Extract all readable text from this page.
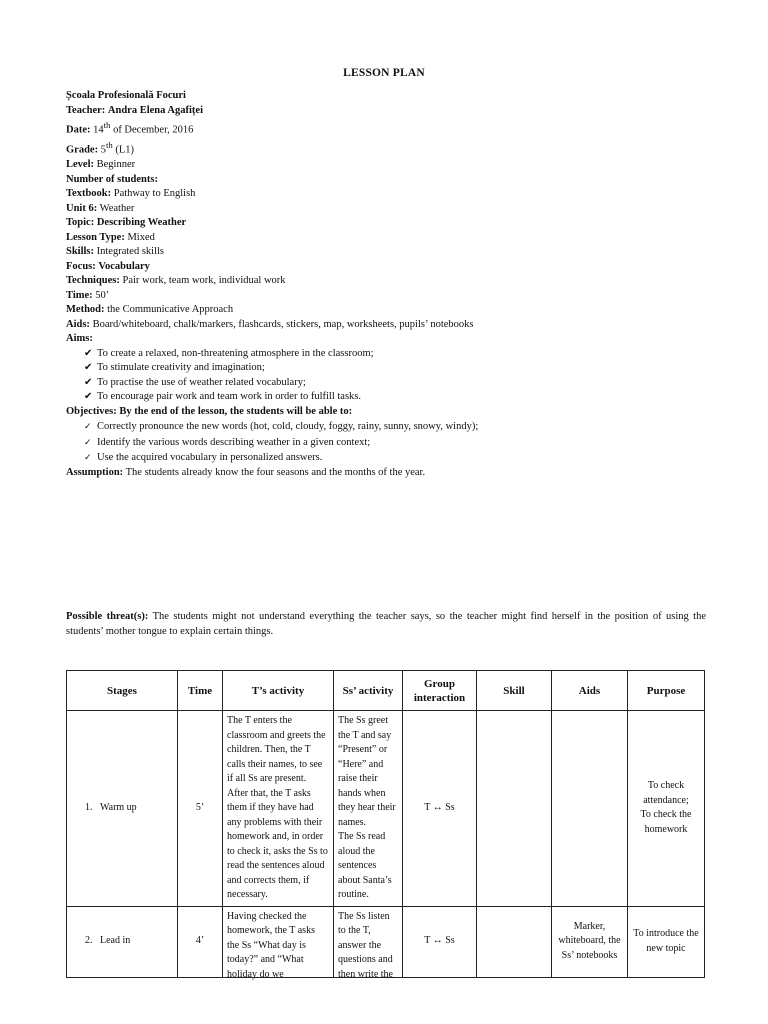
LESSON PLAN
Școala Profesională Focuri
Teacher: Andra Elena Agafiței
Date: 14th of December, 2016
Grade: 5th (L1)
Level: Beginner
Number of students:
Textbook: Pathway to English
Unit 6: Weather
Topic: Describing Weather
Lesson Type: Mixed
Skills: Integrated skills
Focus: Vocabulary
Techniques: Pair work, team work, individual work
Time: 50’
Method: the Communicative Approach
Aids: Board/whiteboard, chalk/markers, flashcards, stickers, map, worksheets, pupils’ notebooks
Aims:
✔ To create a relaxed, non-threatening atmosphere in the classroom;
✔ To stimulate creativity and imagination;
✔ To practise the use of weather related vocabulary;
✔ To encourage pair work and team work in order to fulfill tasks.
Objectives: By the end of the lesson, the students will be able to:
✓ Correctly pronounce the new words (hot, cold, cloudy, foggy, rainy, sunny, snowy, windy);
✓ Identify the various words describing weather in a given context;
✓ Use the acquired vocabulary in personalized answers.
Assumption: The students already know the four seasons and the months of the year.
Possible threat(s): The students might not understand everything the teacher says, so the teacher might find herself in the position of using the students’ mother tongue to explain certain things.
Stages	Time	T’s activity	Ss’ activity	Group interaction	Skill	Aids	Purpose
1.   Warm up	5’	The T enters the classroom and greets the children. Then, the T calls their names, to see if all Ss are present.
After that, the T asks them if they have had any problems with their homework and, in order to check it, asks the Ss to read the sentences aloud and corrects them, if necessary.	The Ss greet the T and say “Present” or “Here” and raise their hands when they hear their names.
The Ss read aloud the sentences about Santa’s routine.	T ↔ Ss			To check attendance;
To check the homework
2.   Lead in	4’	Having checked the homework, the T asks the Ss “What day is today?” and “What holiday do we	The Ss listen to the T, answer the questions and then write the	T ↔ Ss		Marker, whiteboard, the Ss’ notebooks	To introduce the new topic
